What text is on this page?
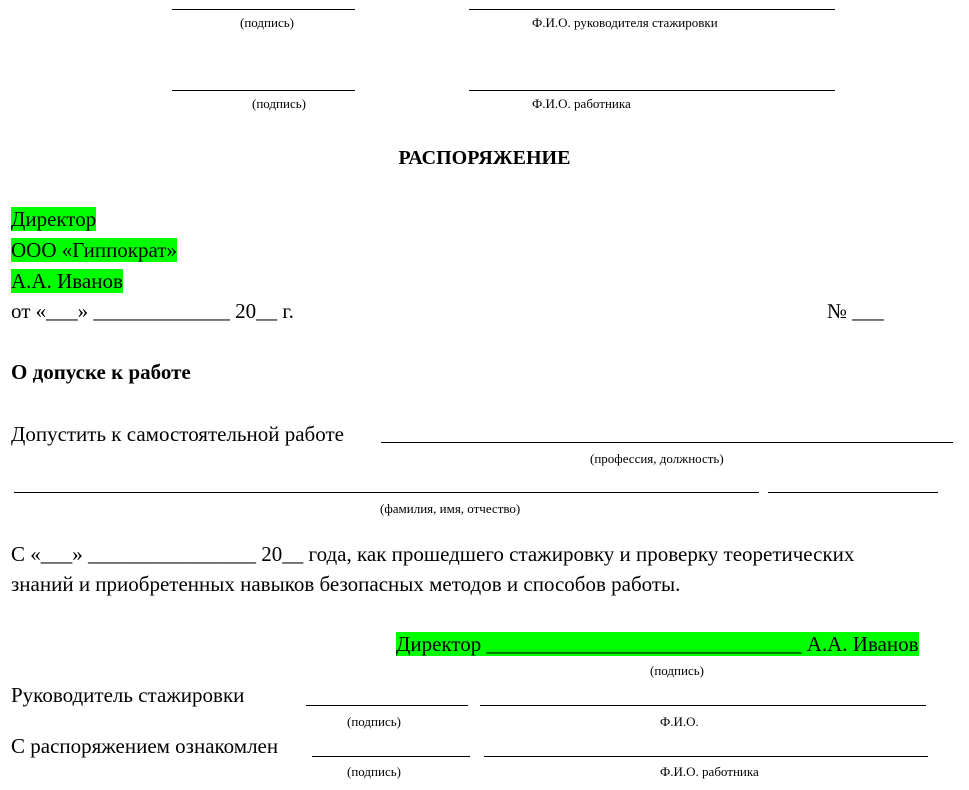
(подпись)	Ф.И.О. руководителя стажировки
(подпись)	Ф.И.О. работника
РАСПОРЯЖЕНИЕ
Директор
ООО «Гиппократ»
А.А. Иванов
от «___» _____________ 20__ г.	№ ___
О допуске к работе
Допустить к самостоятельной работе
(профессия, должность)
(фамилия, имя, отчество)
С «___» ________________ 20__ года, как прошедшего стажировку и проверку теоретических
знаний и приобретенных навыков безопасных методов и способов работы.
Директор ______________________________ А.А. Иванов
(подпись)
Руководитель стажировки
(подпись)	Ф.И.О.
С распоряжением ознакомлен
(подпись)	Ф.И.О. работника
